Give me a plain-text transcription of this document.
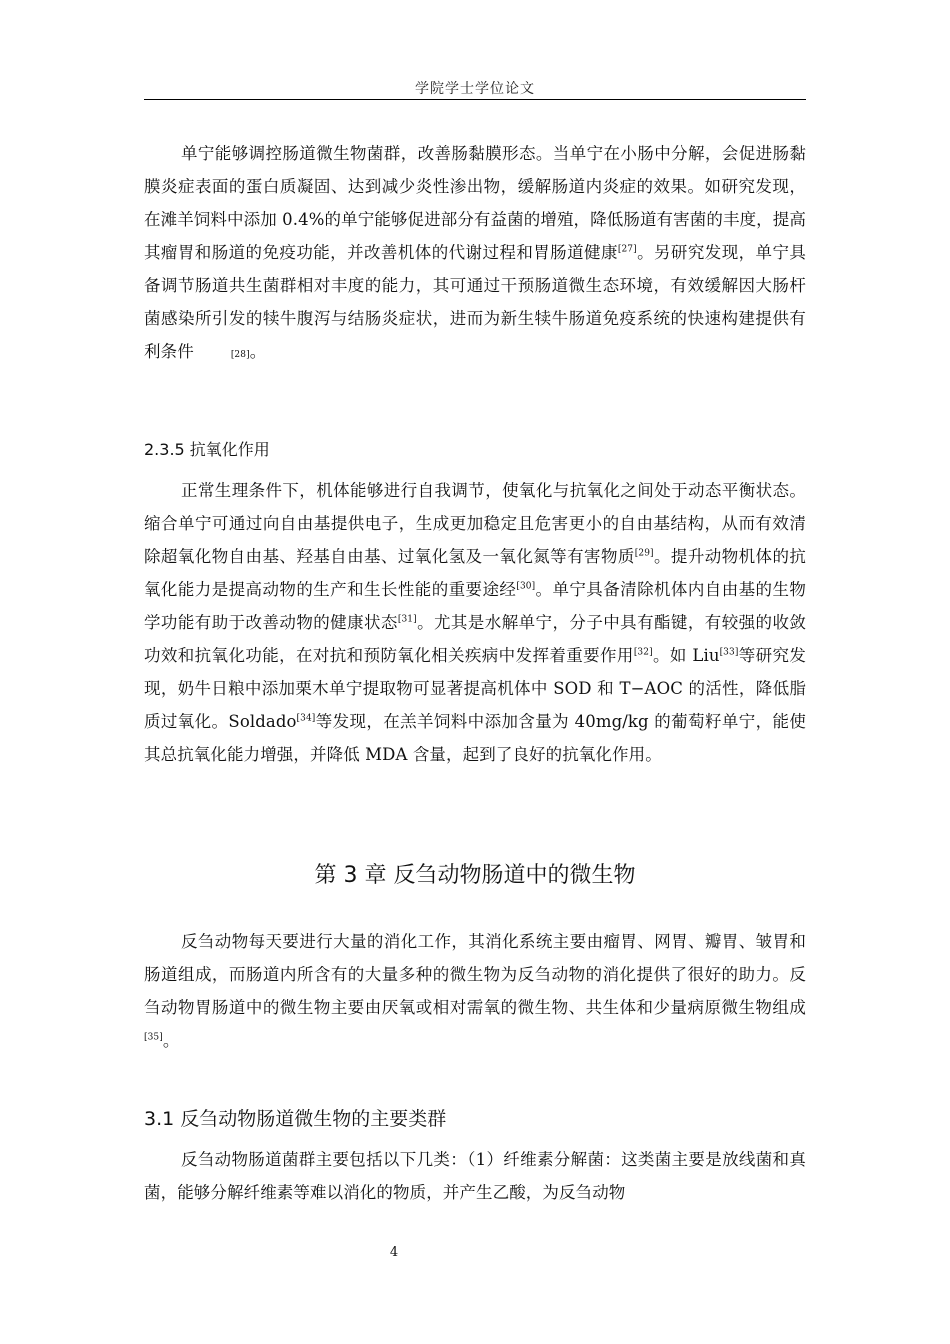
学院学士学位论文

单宁能够调控肠道微生物菌群，改善肠黏膜形态。当单宁在小肠中分解，会促进肠黏膜炎症表面的蛋白质凝固、达到减少炎性渗出物，缓解肠道内炎症的效果。如研究发现，在滩羊饲料中添加 0.4%的单宁能够促进部分有益菌的增殖，降低肠道有害菌的丰度，提高其瘤胃和肠道的免疫功能，并改善机体的代谢过程和胃肠道健康[27]。另研究发现，单宁具备调节肠道共生菌群相对丰度的能力，其可通过干预肠道微生态环境，有效缓解因大肠杆菌感染所引发的犊牛腹泻与结肠炎症状，进而为新生犊牛肠道免疫系统的快速构建提供有利条件	[28]。

2.3.5 抗氧化作用

正常生理条件下，机体能够进行自我调节，使氧化与抗氧化之间处于动态平衡状态。缩合单宁可通过向自由基提供电子，生成更加稳定且危害更小的自由基结构，从而有效清除超氧化物自由基、羟基自由基、过氧化氢及一氧化氮等有害物质[29]。提升动物机体的抗氧化能力是提高动物的生产和生长性能的重要途经[30]。单宁具备清除机体内自由基的生物学功能有助于改善动物的健康状态[31]。尤其是水解单宁，分子中具有酯键，有较强的收敛功效和抗氧化功能，在对抗和预防氧化相关疾病中发挥着重要作用[32]。如 Liu[33]等研究发现，奶牛日粮中添加栗木单宁提取物可显著提高机体中 SOD 和 T−AOC 的活性，降低脂质过氧化。Soldado[34]等发现，在羔羊饲料中添加含量为 40mg/kg 的葡萄籽单宁，能使其总抗氧化能力增强，并降低 MDA 含量，起到了良好的抗氧化作用。

第 3 章 反刍动物肠道中的微生物

反刍动物每天要进行大量的消化工作，其消化系统主要由瘤胃、网胃、瓣胃、皱胃和肠道组成，而肠道内所含有的大量多种的微生物为反刍动物的消化提供了很好的助力。反刍动物胃肠道中的微生物主要由厌氧或相对需氧的微生物、共生体和少量病原微生物组成[35]。

3.1 反刍动物肠道微生物的主要类群

反刍动物肠道菌群主要包括以下几类：（1）纤维素分解菌：这类菌主要是放线菌和真菌，能够分解纤维素等难以消化的物质，并产生乙酸，为反刍动物

4
